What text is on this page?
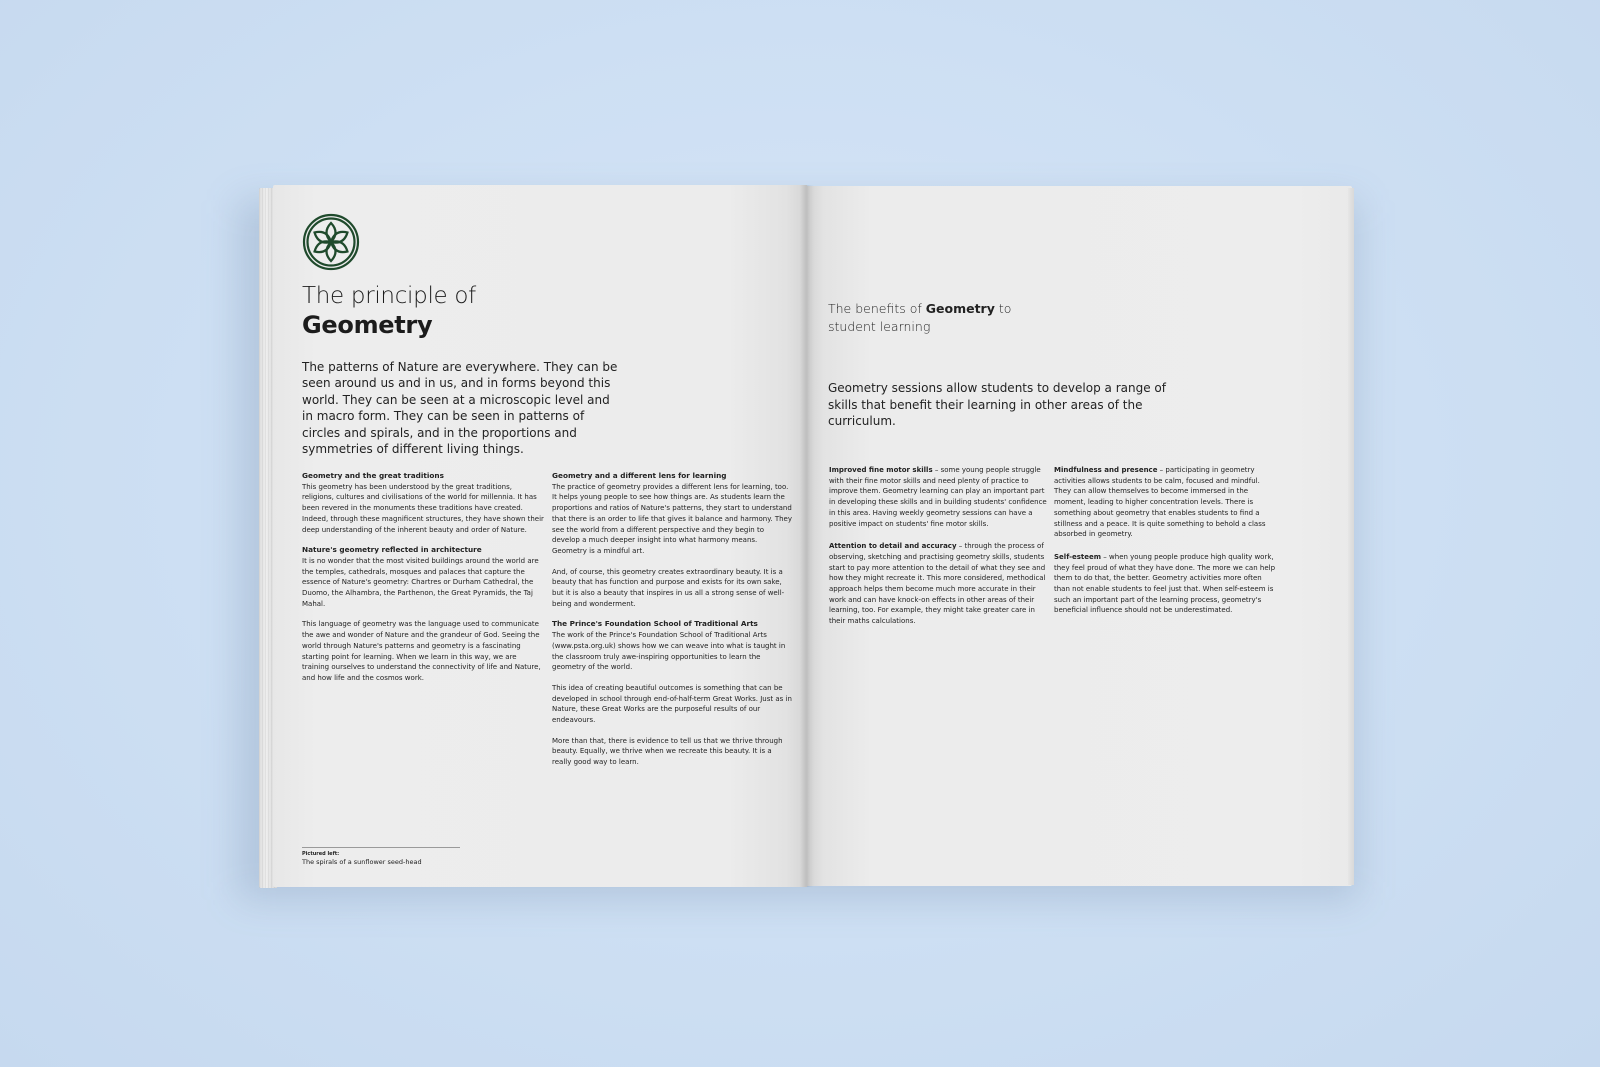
The principle of
Geometry

The patterns of Nature are everywhere. They can be seen around us and in us, and in forms beyond this world. They can be seen at a microscopic level and in macro form. They can be seen in patterns of circles and spirals, and in the proportions and symmetries of different living things.

Geometry and the great traditions

This geometry has been understood by the great traditions, religions, cultures and civilisations of the world for millennia. It has been revered in the monuments these traditions have created. Indeed, through these magnificent structures, they have shown their deep understanding of the inherent beauty and order of Nature.

Nature's geometry reflected in architecture

It is no wonder that the most visited buildings around the world are the temples, cathedrals, mosques and palaces that capture the essence of Nature's geometry: Chartres or Durham Cathedral, the Duomo, the Alhambra, the Parthenon, the Great Pyramids, the Taj Mahal.

This language of geometry was the language used to communicate the awe and wonder of Nature and the grandeur of God. Seeing the world through Nature's patterns and geometry is a fascinating starting point for learning. When we learn in this way, we are training ourselves to understand the connectivity of life and Nature, and how life and the cosmos work.

Geometry and a different lens for learning

The practice of geometry provides a different lens for learning, too. It helps young people to see how things are. As students learn the proportions and ratios of Nature's patterns, they start to understand that there is an order to life that gives it balance and harmony. They see the world from a different perspective and they begin to develop a much deeper insight into what harmony means. Geometry is a mindful art.

And, of course, this geometry creates extraordinary beauty. It is a beauty that has function and purpose and exists for its own sake, but it is also a beauty that inspires in us all a strong sense of well-being and wonderment.

The Prince's Foundation School of Traditional Arts

The work of the Prince's Foundation School of Traditional Arts (www.psta.org.uk) shows how we can weave into what is taught in the classroom truly awe-inspiring opportunities to learn the geometry of the world.

This idea of creating beautiful outcomes is something that can be developed in school through end-of-half-term Great Works. Just as in Nature, these Great Works are the purposeful results of our endeavours.

More than that, there is evidence to tell us that we thrive through beauty. Equally, we thrive when we recreate this beauty. It is a really good way to learn.

Pictured left:
The spirals of a sunflower seed-head
The benefits of Geometry to
student learning

Geometry sessions allow students to develop a range of skills that benefit their learning in other areas of the curriculum.

Improved fine motor skills – some young people struggle with their fine motor skills and need plenty of practice to improve them. Geometry learning can play an important part in developing these skills and in building students' confidence in this area. Having weekly geometry sessions can have a positive impact on students' fine motor skills.

Attention to detail and accuracy – through the process of observing, sketching and practising geometry skills, students start to pay more attention to the detail of what they see and how they might recreate it. This more considered, methodical approach helps them become much more accurate in their work and can have knock-on effects in other areas of their learning, too. For example, they might take greater care in their maths calculations.

Mindfulness and presence – participating in geometry activities allows students to be calm, focused and mindful. They can allow themselves to become immersed in the moment, leading to higher concentration levels. There is something about geometry that enables students to find a stillness and a peace. It is quite something to behold a class absorbed in geometry.

Self-esteem – when young people produce high quality work, they feel proud of what they have done. The more we can help them to do that, the better. Geometry activities more often than not enable students to feel just that. When self-esteem is such an important part of the learning process, geometry's beneficial influence should not be underestimated.
